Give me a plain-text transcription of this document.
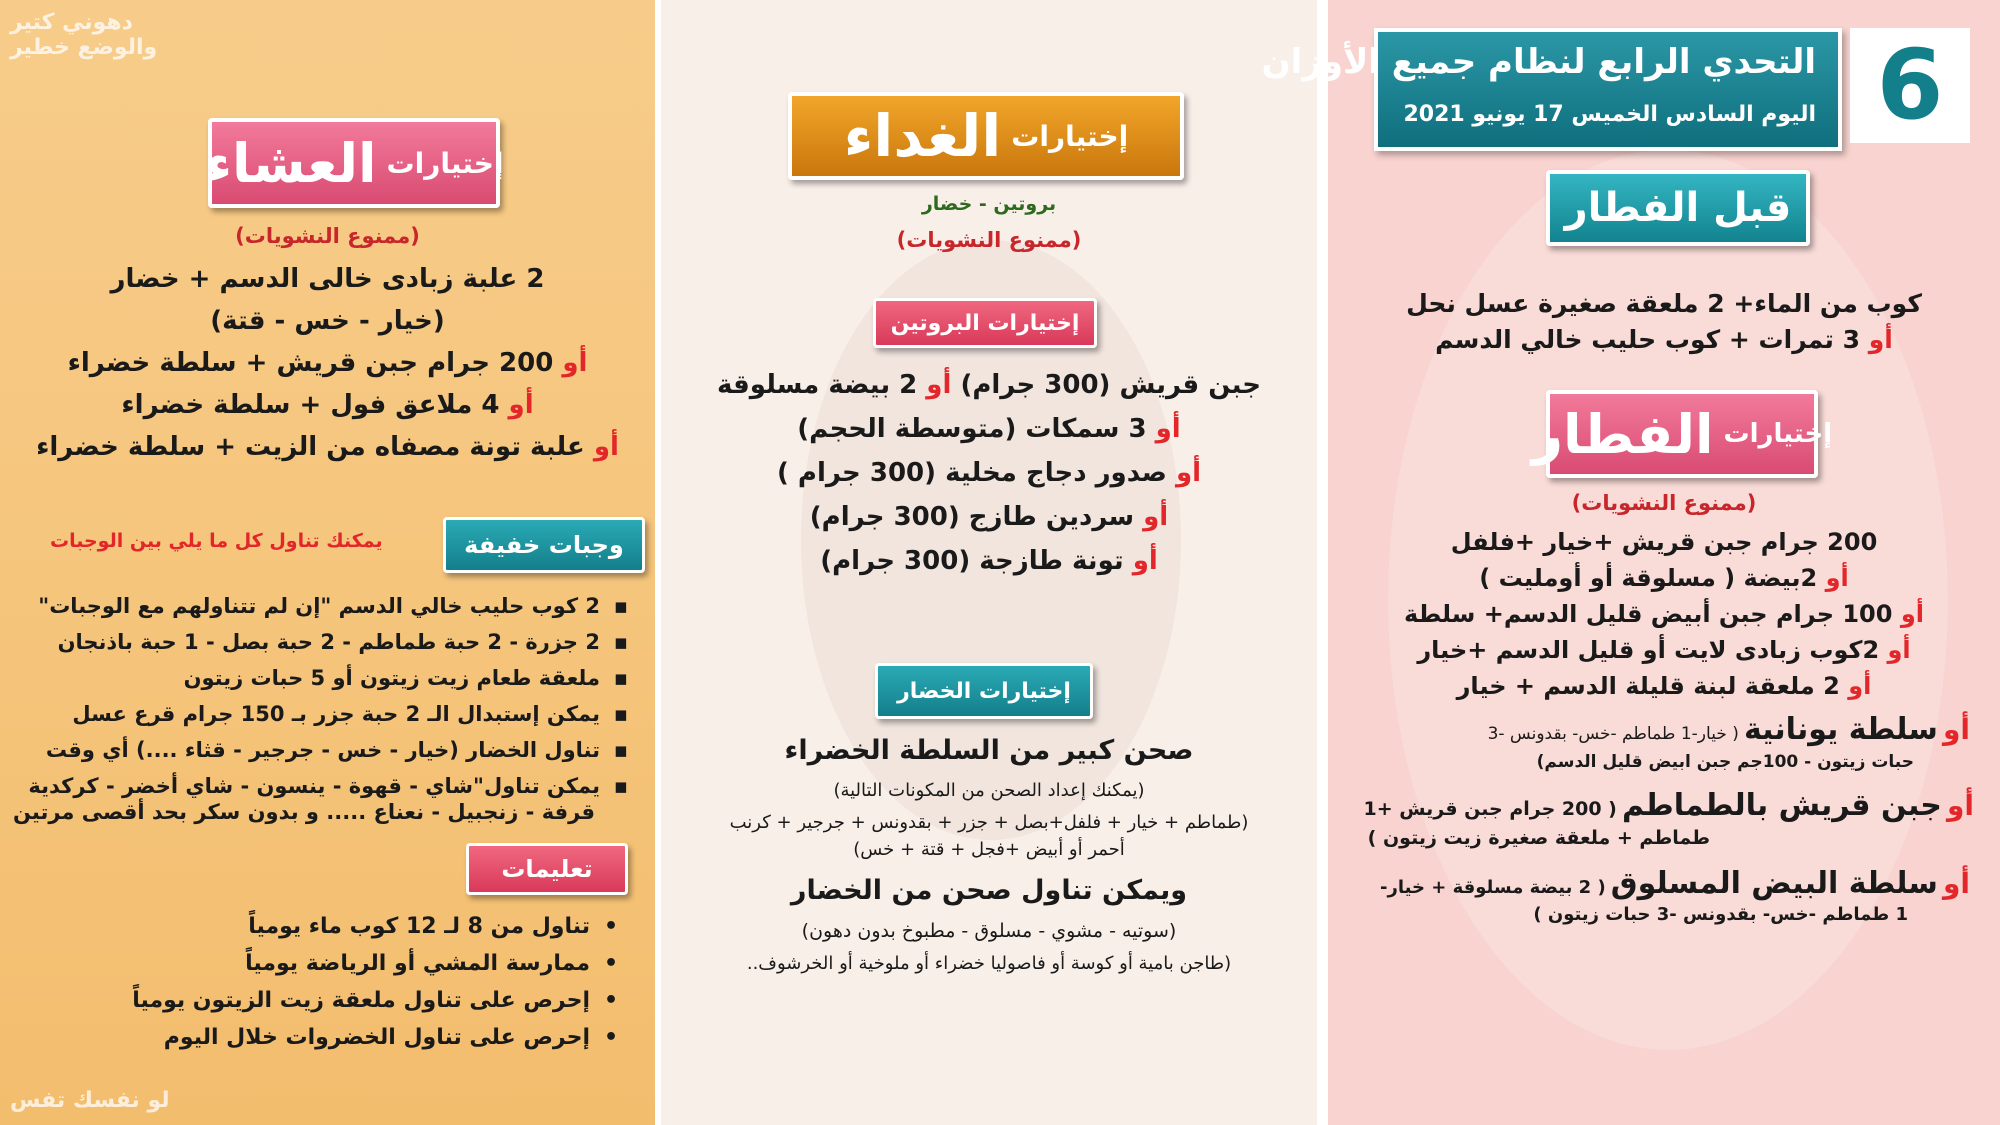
دهوني كتير
والوضع خطير
لو نفسك تفس
إختيارات
العشاء
(ممنوع النشويات)
2 علبة زبادى خالى الدسم + خضار
(خيار - خس - قتة)
أو 200 جرام جبن قريش + سلطة خضراء
أو 4 ملاعق فول + سلطة خضراء
أو علبة تونة مصفاه من الزيت + سلطة خضراء
وجبات خفيفة
يمكنك تناول كل ما يلي بين الوجبات
▪ 2 كوب حليب خالي الدسم "إن لم تتناولهم مع الوجبات"
▪ 2 جزرة - 2 حبة طماطم - 2 حبة بصل - 1 حبة باذنجان
▪ ملعقة طعام زيت زيتون أو 5 حبات زيتون
▪ يمكن إستبدال الـ 2 حبة جزر بـ 150 جرام قرع عسل
▪ تناول الخضار (خيار - خس - جرجير - قثاء ....) أي وقت
▪ يمكن تناول"شاي - قهوة - ينسون - شاي أخضر - كركدية
قرفة - زنجبيل - نعناع ..... و بدون سكر بحد أقصى مرتين
تعليمات
• تناول من 8 لـ 12 كوب ماء يومياً
• ممارسة المشي أو الرياضة يومياً
• إحرص على تناول ملعقة زيت الزيتون يومياً
• إحرص على تناول الخضروات خلال اليوم
إختيارات
الغداء
بروتين - خضار
(ممنوع النشويات)
إختيارات البروتين
جبن قريش (300 جرام) أو 2 بيضة مسلوقة
أو 3 سمكات (متوسطة الحجم)
أو صدور دجاج مخلية (300 جرام )
أو سردين طازج (300 جرام)
أو تونة طازجة (300 جرام)
إختيارات الخضار
صحن كبير من السلطة الخضراء
(يمكنك إعداد الصحن من المكونات التالية)
(طماطم + خيار + فلفل+بصل + جزر + بقدونس + جرجير + كرنب
أحمر أو أبيض +فجل + قتة + خس)
ويمكن تناول صحن من الخضار
(سوتيه - مشوي - مسلوق - مطبوخ بدون دهون)
(طاجن بامية أو كوسة أو فاصوليا خضراء أو ملوخية أو الخرشوف..
التحدي الرابع لنظام جميع الأوزان
اليوم السادس الخميس 17 يونيو 2021 6
قبل الفطار
كوب من الماء+ 2 ملعقة صغيرة عسل نحل
أو 3 تمرات + كوب حليب خالي الدسم
إختيارات
الفطار
(ممنوع النشويات)
200 جرام جبن قريش +خيار +فلفل
أو 2بيضة ( مسلوقة أو أومليت )
أو 100 جرام جبن أبيض قليل الدسم+ سلطة
أو 2كوب زبادى لايت أو قليل الدسم +خيار
أو 2 ملعقة لبنة قليلة الدسم + خيار
أو سلطة يونانية ( خيار-1 طماطم -خس- بقدونس -3
حبات زيتون - 100جم جبن ابيض قليل الدسم)
أو جبن قريش بالطماطم ( 200 جرام جبن قريش +1
طماطم + ملعقة صغيرة زيت زيتون )
أو سلطة البيض المسلوق ( 2 بيضة مسلوقة + خيار-
1 طماطم -خس- بقدونس -3 حبات زيتون )
